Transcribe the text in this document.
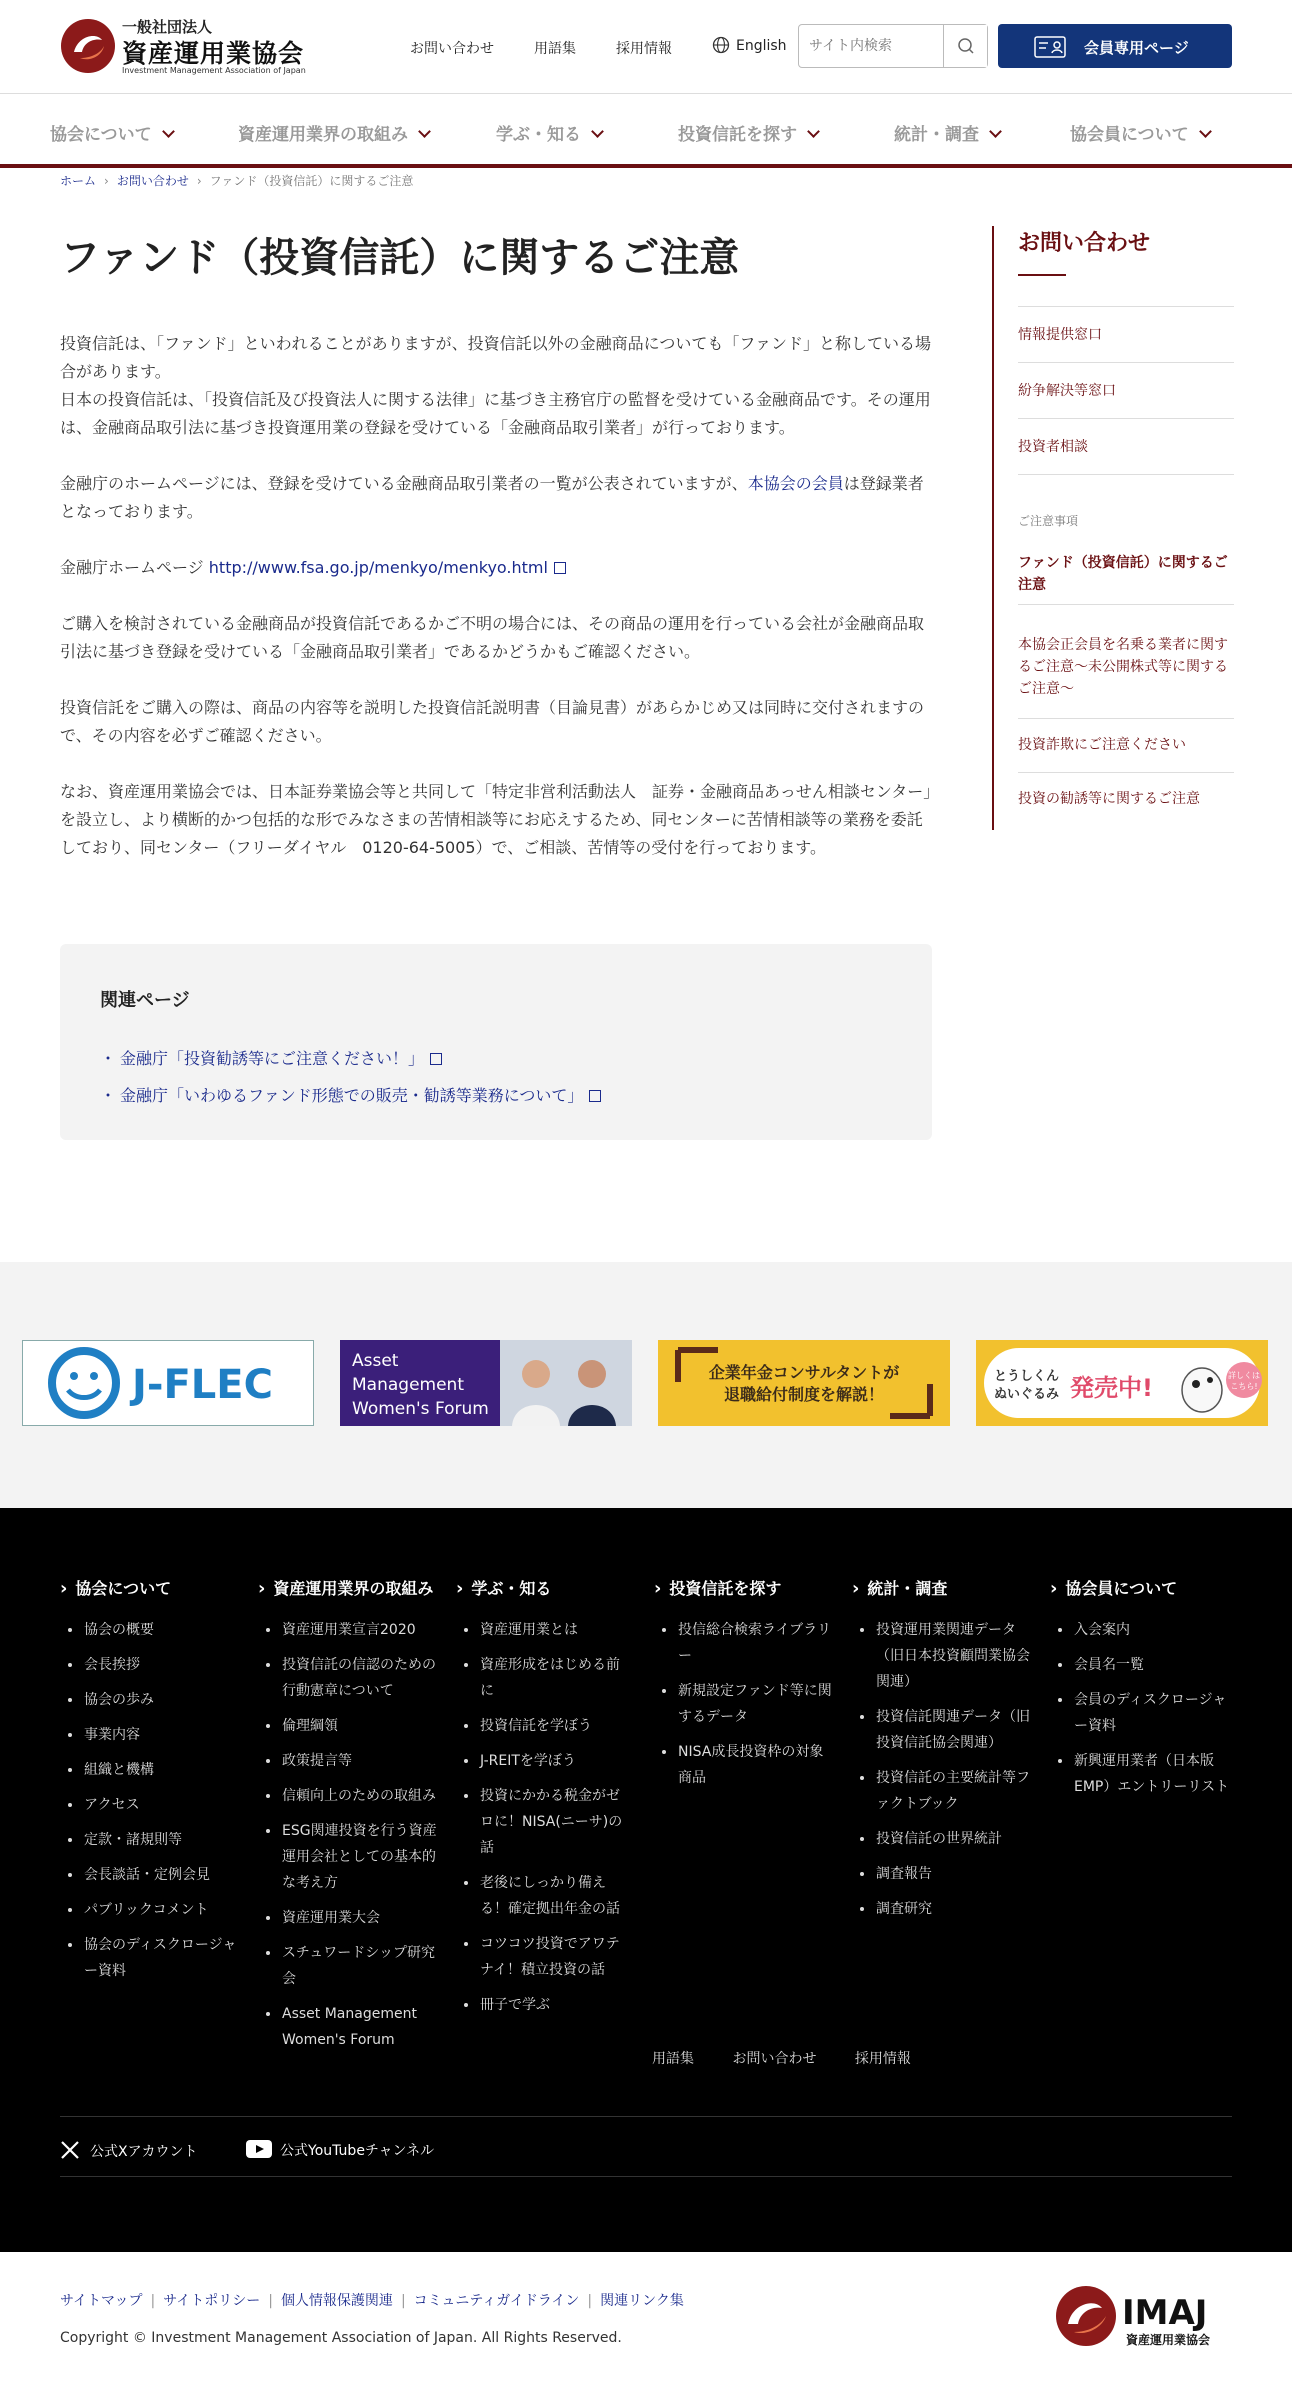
一般社団法人
資産運用業協会
Investment Management Association of Japan
お問い合わせ	用語集	採用情報	English
サイト内検索	会員専用ページ
協会について	資産運用業界の取組み	学ぶ・知る	投資信託を探す	統計・調査	協会員について
ホーム › お問い合わせ › ファンド（投資信託）に関するご注意
ファンド（投資信託）に関するご注意

投資信託は、「ファンド」といわれることがありますが、投資信託以外の金融商品についても「ファンド」と称している場合があります。

日本の投資信託は、「投資信託及び投資法人に関する法律」に基づき主務官庁の監督を受けている金融商品です。その運用は、金融商品取引法に基づき投資運用業の登録を受けている「金融商品取引業者」が行っております。

金融庁のホームページには、登録を受けている金融商品取引業者の一覧が公表されていますが、本協会の会員は登録業者となっております。

金融庁ホームページ http://www.fsa.go.jp/menkyo/menkyo.html

ご購入を検討されている金融商品が投資信託であるかご不明の場合には、その商品の運用を行っている会社が金融商品取引法に基づき登録を受けている「金融商品取引業者」であるかどうかもご確認ください。

投資信託をご購入の際は、商品の内容等を説明した投資信託説明書（目論見書）があらかじめ又は同時に交付されますので、その内容を必ずご確認ください。

なお、資産運用業協会では、日本証券業協会等と共同して「特定非営利活動法人　証券・金融商品あっせん相談センター」を設立し、より横断的かつ包括的な形でみなさまの苦情相談等にお応えするため、同センターに苦情相談等の業務を委託しており、同センター（フリーダイヤル　0120-64-5005）で、ご相談、苦情等の受付を行っております。

関連ページ
・ 金融庁「投資勧誘等にご注意ください！」
・ 金融庁「いわゆるファンド形態での販売・勧誘等業務について」
お問い合わせ
情報提供窓口
紛争解決等窓口
投資者相談
ご注意事項
ファンド（投資信託）に関するご注意
本協会正会員を名乗る業者に関するご注意～未公開株式等に関するご注意～
投資詐欺にご注意ください
投資の勧誘等に関するご注意
J-FLEC
Asset
Management
Women's Forum
企業年金コンサルタントが
退職給付制度を解説！
とうしくん
ぬいぐるみ 発売中!	詳しくは
こちら!
› 協会について
協会の概要
会長挨拶
協会の歩み
事業内容
組織と機構
アクセス
定款・諸規則等
会長談話・定例会見
パブリックコメント
協会のディスクロージャー資料
› 資産運用業界の取組み
資産運用業宣言2020
投資信託の信認のための行動憲章について
倫理綱領
政策提言等
信頼向上のための取組み
ESG関連投資を行う資産運用会社としての基本的な考え方
資産運用業大会
スチュワードシップ研究会
Asset Management Women's Forum
› 学ぶ・知る
資産運用業とは
資産形成をはじめる前に
投資信託を学ぼう
J-REITを学ぼう
投資にかかる税金がゼロに！NISA(ニーサ)の話
老後にしっかり備える！確定拠出年金の話
コツコツ投資でアワテナイ！積立投資の話
冊子で学ぶ
› 投資信託を探す
投信総合検索ライブラリー
新規設定ファンド等に関するデータ
NISA成長投資枠の対象商品
› 統計・調査
投資運用業関連データ（旧日本投資顧問業協会関連）
投資信託関連データ（旧投資信託協会関連）
投資信託の主要統計等ファクトブック
投資信託の世界統計
調査報告
調査研究
› 協会員について
入会案内
会員名一覧
会員のディスクロージャー資料
新興運用業者（日本版EMP）エントリーリスト
用語集	お問い合わせ	採用情報
公式Xアカウント	公式YouTubeチャンネル
サイトマップ | サイトポリシー | 個人情報保護関連 | コミュニティガイドライン | 関連リンク集
Copyright © Investment Management Association of Japan. All Rights Reserved.
IMAJ
資産運用業協会
